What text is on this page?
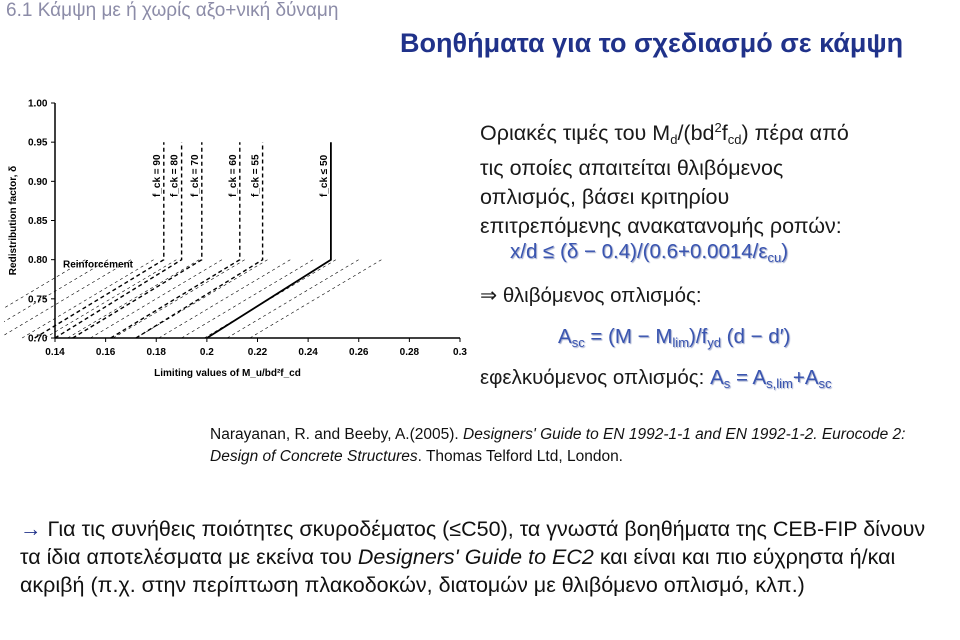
6.1 Κάμψη με ή χωρίς αξο+νική δύναμη
Βοηθήματα για το σχεδιασμό σε κάμψη
1.00
0.95
0.90
0.85
0.80
0.75
0.70
0.14	0.16	0.18	0.2	0.22	0.24	0.26	0.28	0.3
Redistribution factor, δ
Limiting values of M_u/bd²f_cd
Reinforcement
f_ck = 90 f_ck = 80 f_ck = 70	f_ck = 60 f_ck = 55	f_ck ≤ 50
Οριακές τιμές του $M_d/(bd^2f_{cd})$ πέρα από
τις οποίες απαιτείται θλιβόμενος
οπλισμός, βάσει κριτηρίου
επιτρεπόμενης ανακατανομής ροπών:
$x/d \le (\delta - 0.4)/(0.6+0.0014/\varepsilon_{cu})$
⇒ θλιβόμενος οπλισμός:
$A_{sc} = (M - M_{lim})/f_{yd}$ (d − d′)
εφελκυόμενος οπλισμός: $A_s = A_{s,lim}+A_{sc}$
Narayanan, R. and Beeby, A.(2005). Designers' Guide to EN 1992-1-1 and EN 1992-1-2. Eurocode 2: Design of Concrete Structures. Thomas Telford Ltd, London.
→ Για τις συνήθεις ποιότητες σκυροδέματος (≤C50), τα γνωστά βοηθήματα της CEB-FIP δίνουν τα ίδια αποτελέσματα με εκείνα του Designers' Guide to EC2 και είναι και πιο εύχρηστα ή/και ακριβή (π.χ. στην περίπτωση πλακοδοκών, διατομών με θλιβόμενο οπλισμό, κλπ.)
